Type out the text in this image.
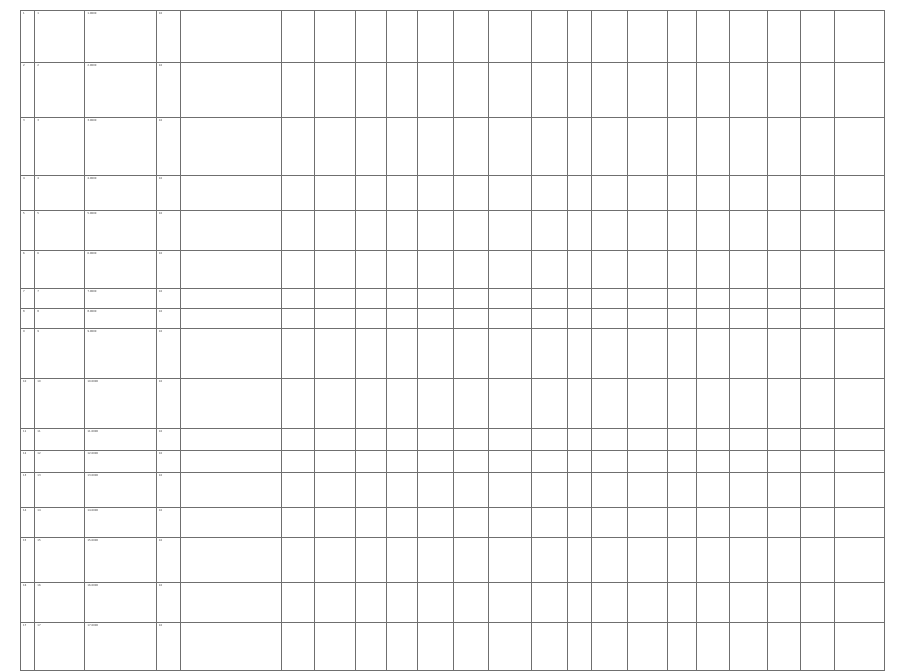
1	1	1.0000	10																		
2	2	2.0000	10																		
3	3	3.0000	10																		
4	4	4.0000	10																		
5	5	5.0000	10																		
6	6	6.0000	10																		
7	7	7.0000	10																		
8	8	8.0000	10																		
9	9	9.0000	10																		
10	10	10.0000	10																		
11	11	11.0000	10																		
12	12	12.0000	10																		
13	13	13.0000	10																		
14	14	14.0000	10																		
15	15	15.0000	10																		
16	16	16.0000	10																		
17	17	17.0000	10																		
